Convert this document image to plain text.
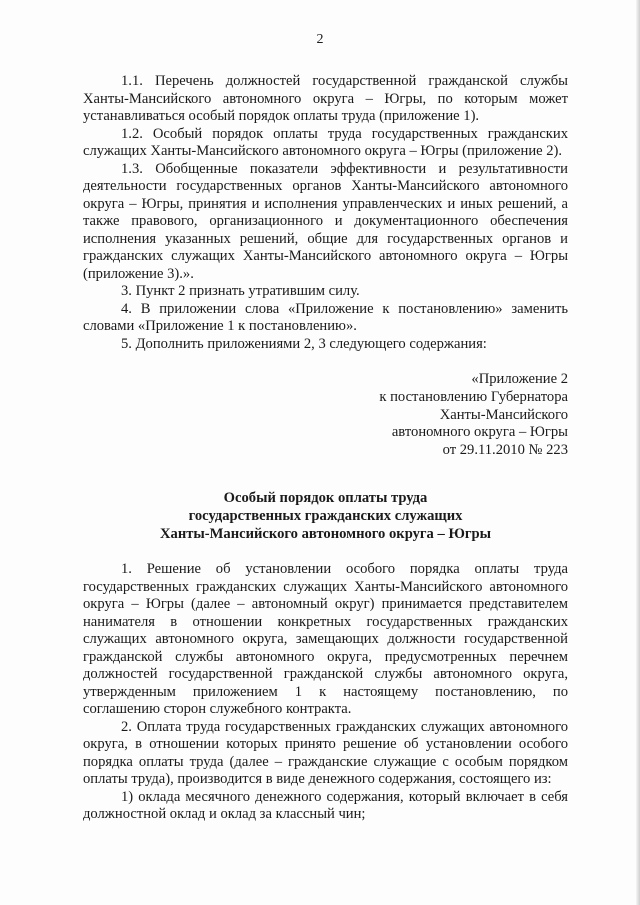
2

1.1. Перечень должностей государственной гражданской службы Ханты-Мансийского автономного округа – Югры, по которым может устанавливаться особый порядок оплаты труда (приложение 1).

1.2. Особый порядок оплаты труда государственных гражданских служащих Ханты-Мансийского автономного округа – Югры (приложение 2).

1.3. Обобщенные показатели эффективности и результативности деятельности государственных органов Ханты-Мансийского автономного округа – Югры, принятия и исполнения управленческих и иных решений, а также правового, организационного и документационного обеспечения исполнения указанных решений, общие для государственных органов и гражданских служащих Ханты-Мансийского автономного округа – Югры (приложение 3).».

3. Пункт 2 признать утратившим силу.

4. В приложении слова «Приложение к постановлению» заменить словами «Приложение 1 к постановлению».

5. Дополнить приложениями 2, 3 следующего содержания:

«Приложение 2
к постановлению Губернатора
Ханты-Мансийского
автономного округа – Югры
от 29.11.2010 № 223
Особый порядок оплаты труда
государственных гражданских служащих
Ханты-Мансийского автономного округа – Югры

1. Решение об установлении особого порядка оплаты труда государственных гражданских служащих Ханты-Мансийского автономного округа – Югры (далее – автономный округ) принимается представителем нанимателя в отношении конкретных государственных гражданских служащих автономного округа, замещающих должности государственной гражданской службы автономного округа, предусмотренных перечнем должностей государственной гражданской службы автономного округа, утвержденным приложением 1 к настоящему постановлению, по соглашению сторон служебного контракта.

2. Оплата труда государственных гражданских служащих автономного округа, в отношении которых принято решение об установлении особого порядка оплаты труда (далее – гражданские служащие с особым порядком оплаты труда), производится в виде денежного содержания, состоящего из:

1) оклада месячного денежного содержания, который включает в себя должностной оклад и оклад за классный чин;
